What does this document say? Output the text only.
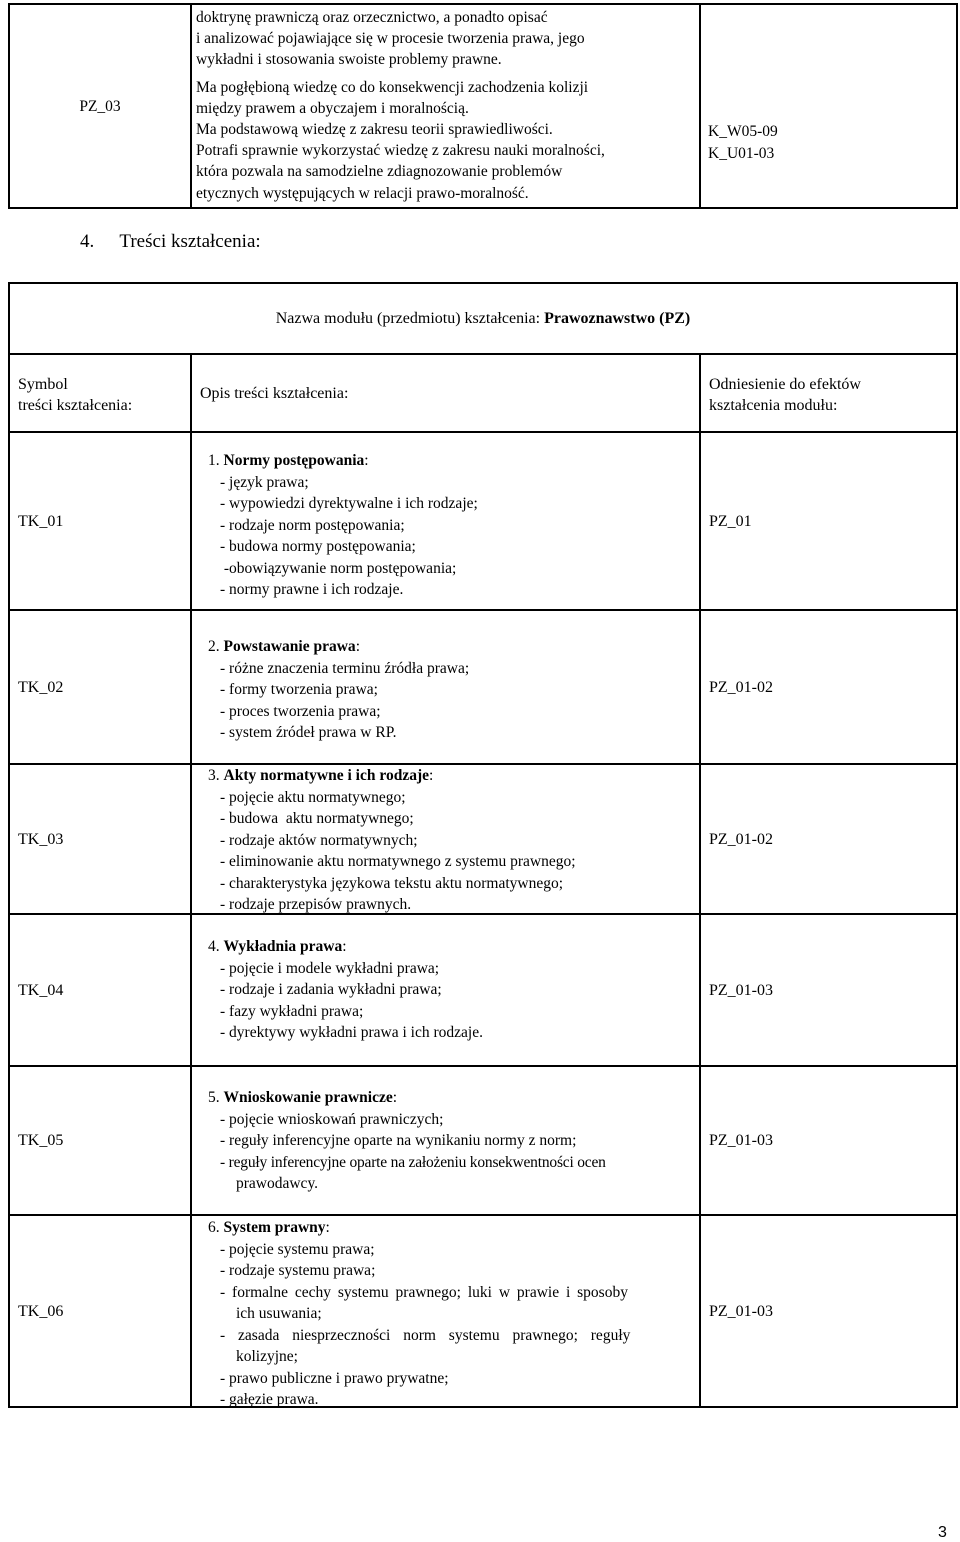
PZ_03

doktrynę prawniczą oraz orzecznictwo, a ponadto opisać

i analizować pojawiające się w procesie tworzenia prawa, jego

wykładni i stosowania swoiste problemy prawne.

Ma pogłębioną wiedzę co do konsekwencji zachodzenia kolizji

między prawem a obyczajem i moralnością.

Ma podstawową wiedzę z zakresu teorii sprawiedliwości.

Potrafi sprawnie wykorzystać wiedzę z zakresu nauki moralności,

która pozwala na samodzielne zdiagnozowanie problemów

etycznych występujących w relacji prawo-moralność.

K_W05-09
K_U01-03
4. Treści kształcenia:
Nazwa modułu (przedmiotu) kształcenia: Prawoznawstwo (PZ)
Symbol
treści kształcenia:
Opis treści kształcenia:	Odniesienie do efektów
kształcenia modułu:
TK_01

1. Normy postępowania:

- język prawa;

- wypowiedzi dyrektywalne i ich rodzaje;

- rodzaje norm postępowania;

- budowa normy postępowania;

-obowiązywanie norm postępowania;

- normy prawne i ich rodzaje.

PZ_01
TK_02

2. Powstawanie prawa:

- różne znaczenia terminu źródła prawa;

- formy tworzenia prawa;

- proces tworzenia prawa;

- system źródeł prawa w RP.

PZ_01-02
TK_03

3. Akty normatywne i ich rodzaje:

- pojęcie aktu normatywnego;

- budowa  aktu normatywnego;

- rodzaje aktów normatywnych;

- eliminowanie aktu normatywnego z systemu prawnego;

- charakterystyka językowa tekstu aktu normatywnego;

- rodzaje przepisów prawnych.

PZ_01-02
TK_04

4. Wykładnia prawa:

- pojęcie i modele wykładni prawa;

- rodzaje i zadania wykładni prawa;

- fazy wykładni prawa;

- dyrektywy wykładni prawa i ich rodzaje.

PZ_01-03
TK_05

5. Wnioskowanie prawnicze:

- pojęcie wnioskowań prawniczych;

- reguły inferencyjne oparte na wynikaniu normy z norm;

- reguły inferencyjne oparte na założeniu konsekwentności ocen

prawodawcy.

PZ_01-03
TK_06

6. System prawny:

- pojęcie systemu prawa;

- rodzaje systemu prawa;

- formalne cechy systemu prawnego; luki w prawie i sposoby

ich usuwania;

- zasada niesprzeczności norm systemu prawnego; reguły

kolizyjne;

- prawo publiczne i prawo prywatne;

- gałęzie prawa.

PZ_01-03
3
